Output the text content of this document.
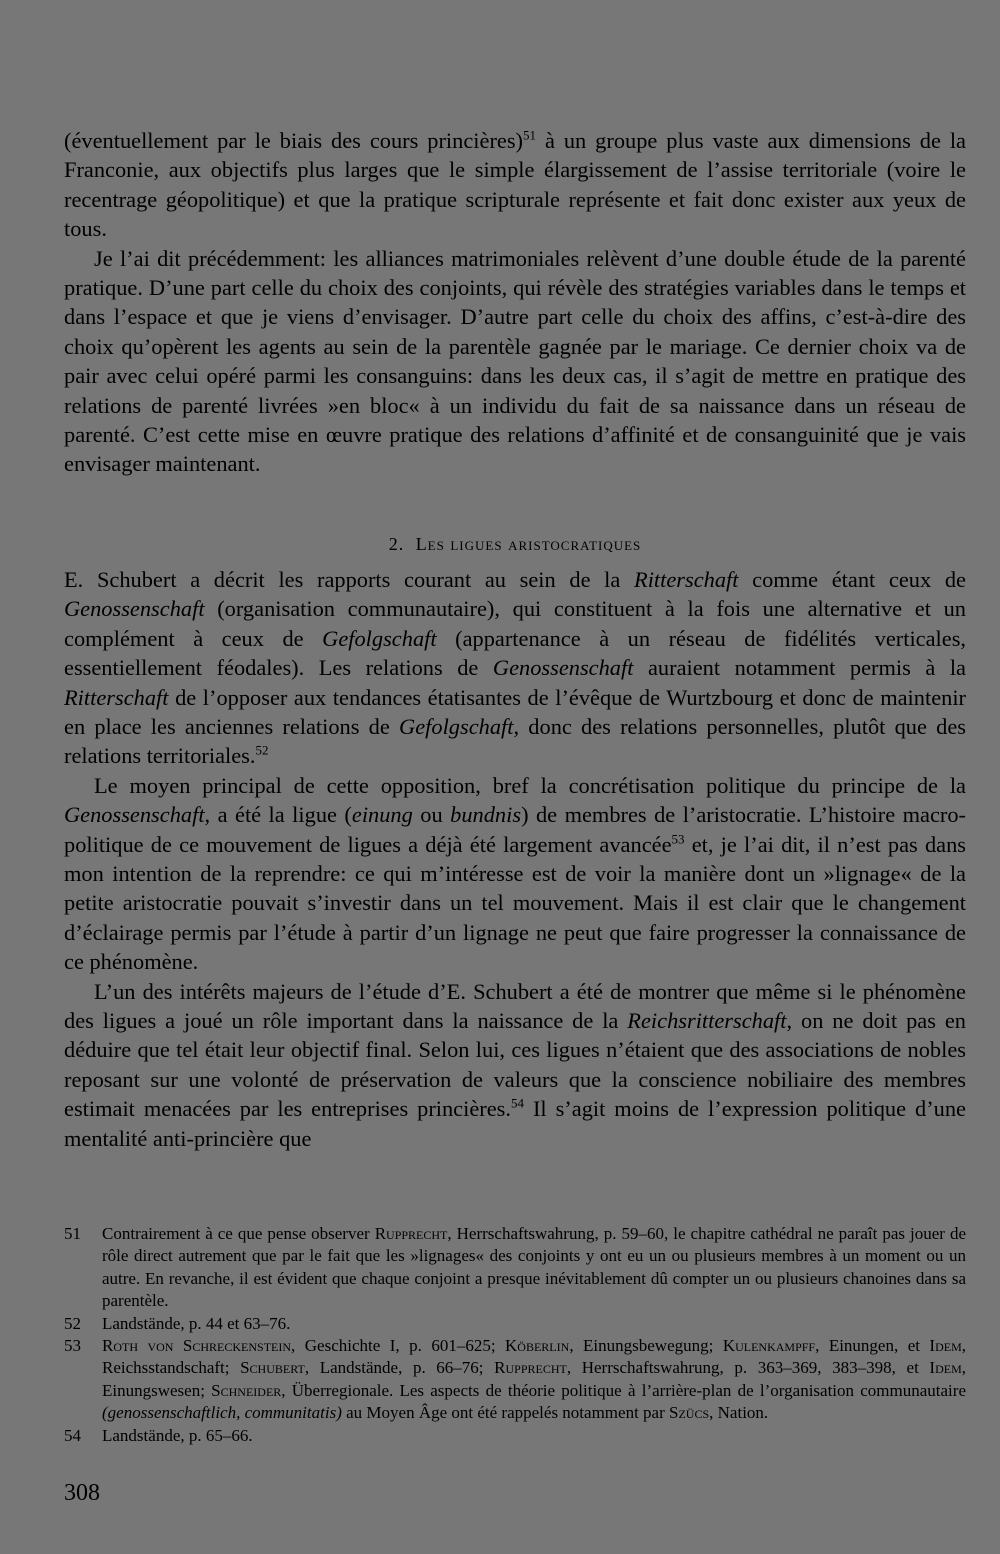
(éventuellement par le biais des cours princières)$^{51}$ à un groupe plus vaste aux dimensions de la Franconie, aux objectifs plus larges que le simple élargissement de l’assise territoriale (voire le recentrage géopolitique) et que la pratique scripturale représente et fait donc exister aux yeux de tous.

Je l’ai dit précédemment: les alliances matrimoniales relèvent d’une double étude de la parenté pratique. D’une part celle du choix des conjoints, qui révèle des stratégies variables dans le temps et dans l’espace et que je viens d’envisager. D’autre part celle du choix des affins, c’est-à-dire des choix qu’opèrent les agents au sein de la parentèle gagnée par le mariage. Ce dernier choix va de pair avec celui opéré parmi les consanguins: dans les deux cas, il s’agit de mettre en pratique des relations de parenté livrées »en bloc« à un individu du fait de sa naissance dans un réseau de parenté. C’est cette mise en œuvre pratique des relations d’affinité et de consanguinité que je vais envisager maintenant.

2. Les ligues aristocratiques

E. Schubert a décrit les rapports courant au sein de la Ritterschaft comme étant ceux de Genossenschaft (organisation communautaire), qui constituent à la fois une alternative et un complément à ceux de Gefolgschaft (appartenance à un réseau de fidélités verticales, essentiellement féodales). Les relations de Genossenschaft auraient notamment permis à la Ritterschaft de l’opposer aux tendances étatisantes de l’évêque de Wurtzbourg et donc de maintenir en place les anciennes relations de Gefolgschaft, donc des relations personnelles, plutôt que des relations territoriales.$^{52}$

Le moyen principal de cette opposition, bref la concrétisation politique du principe de la Genossenschaft, a été la ligue (einung ou bundnis) de membres de l’aristocratie. L’histoire macro-politique de ce mouvement de ligues a déjà été largement avancée$^{53}$ et, je l’ai dit, il n’est pas dans mon intention de la reprendre: ce qui m’intéresse est de voir la manière dont un »lignage« de la petite aristocratie pouvait s’investir dans un tel mouvement. Mais il est clair que le changement d’éclairage permis par l’étude à partir d’un lignage ne peut que faire progresser la connaissance de ce phénomène.

L’un des intérêts majeurs de l’étude d’E. Schubert a été de montrer que même si le phénomène des ligues a joué un rôle important dans la naissance de la Reichsritterschaft, on ne doit pas en déduire que tel était leur objectif final. Selon lui, ces ligues n’étaient que des associations de nobles reposant sur une volonté de préservation de valeurs que la conscience nobiliaire des membres estimait menacées par les entreprises princières.$^{54}$ Il s’agit moins de l’expression politique d’une mentalité anti-princière que

51	Contrairement à ce que pense observer Rupprecht, Herrschaftswahrung, p. 59–60, le chapitre cathédral ne paraît pas jouer de rôle direct autrement que par le fait que les »lignages« des conjoints y ont eu un ou plusieurs membres à un moment ou un autre. En revanche, il est évident que chaque conjoint a presque inévitablement dû compter un ou plusieurs chanoines dans sa parentèle.
52	Landstände, p. 44 et 63–76.
53	Roth von Schreckenstein, Geschichte I, p. 601–625; Köberlin, Einungsbewegung; Kulenkampff, Einungen, et Idem, Reichsstandschaft; Schubert, Landstände, p. 66–76; Rupprecht, Herrschaftswahrung, p. 363–369, 383–398, et Idem, Einungswesen; Schneider, Überregionale. Les aspects de théorie politique à l’arrière-plan de l’organisation communautaire (genossenschaftlich, communitatis) au Moyen Âge ont été rappelés notamment par Szücs, Nation.
54	Landstände, p. 65–66.
308
